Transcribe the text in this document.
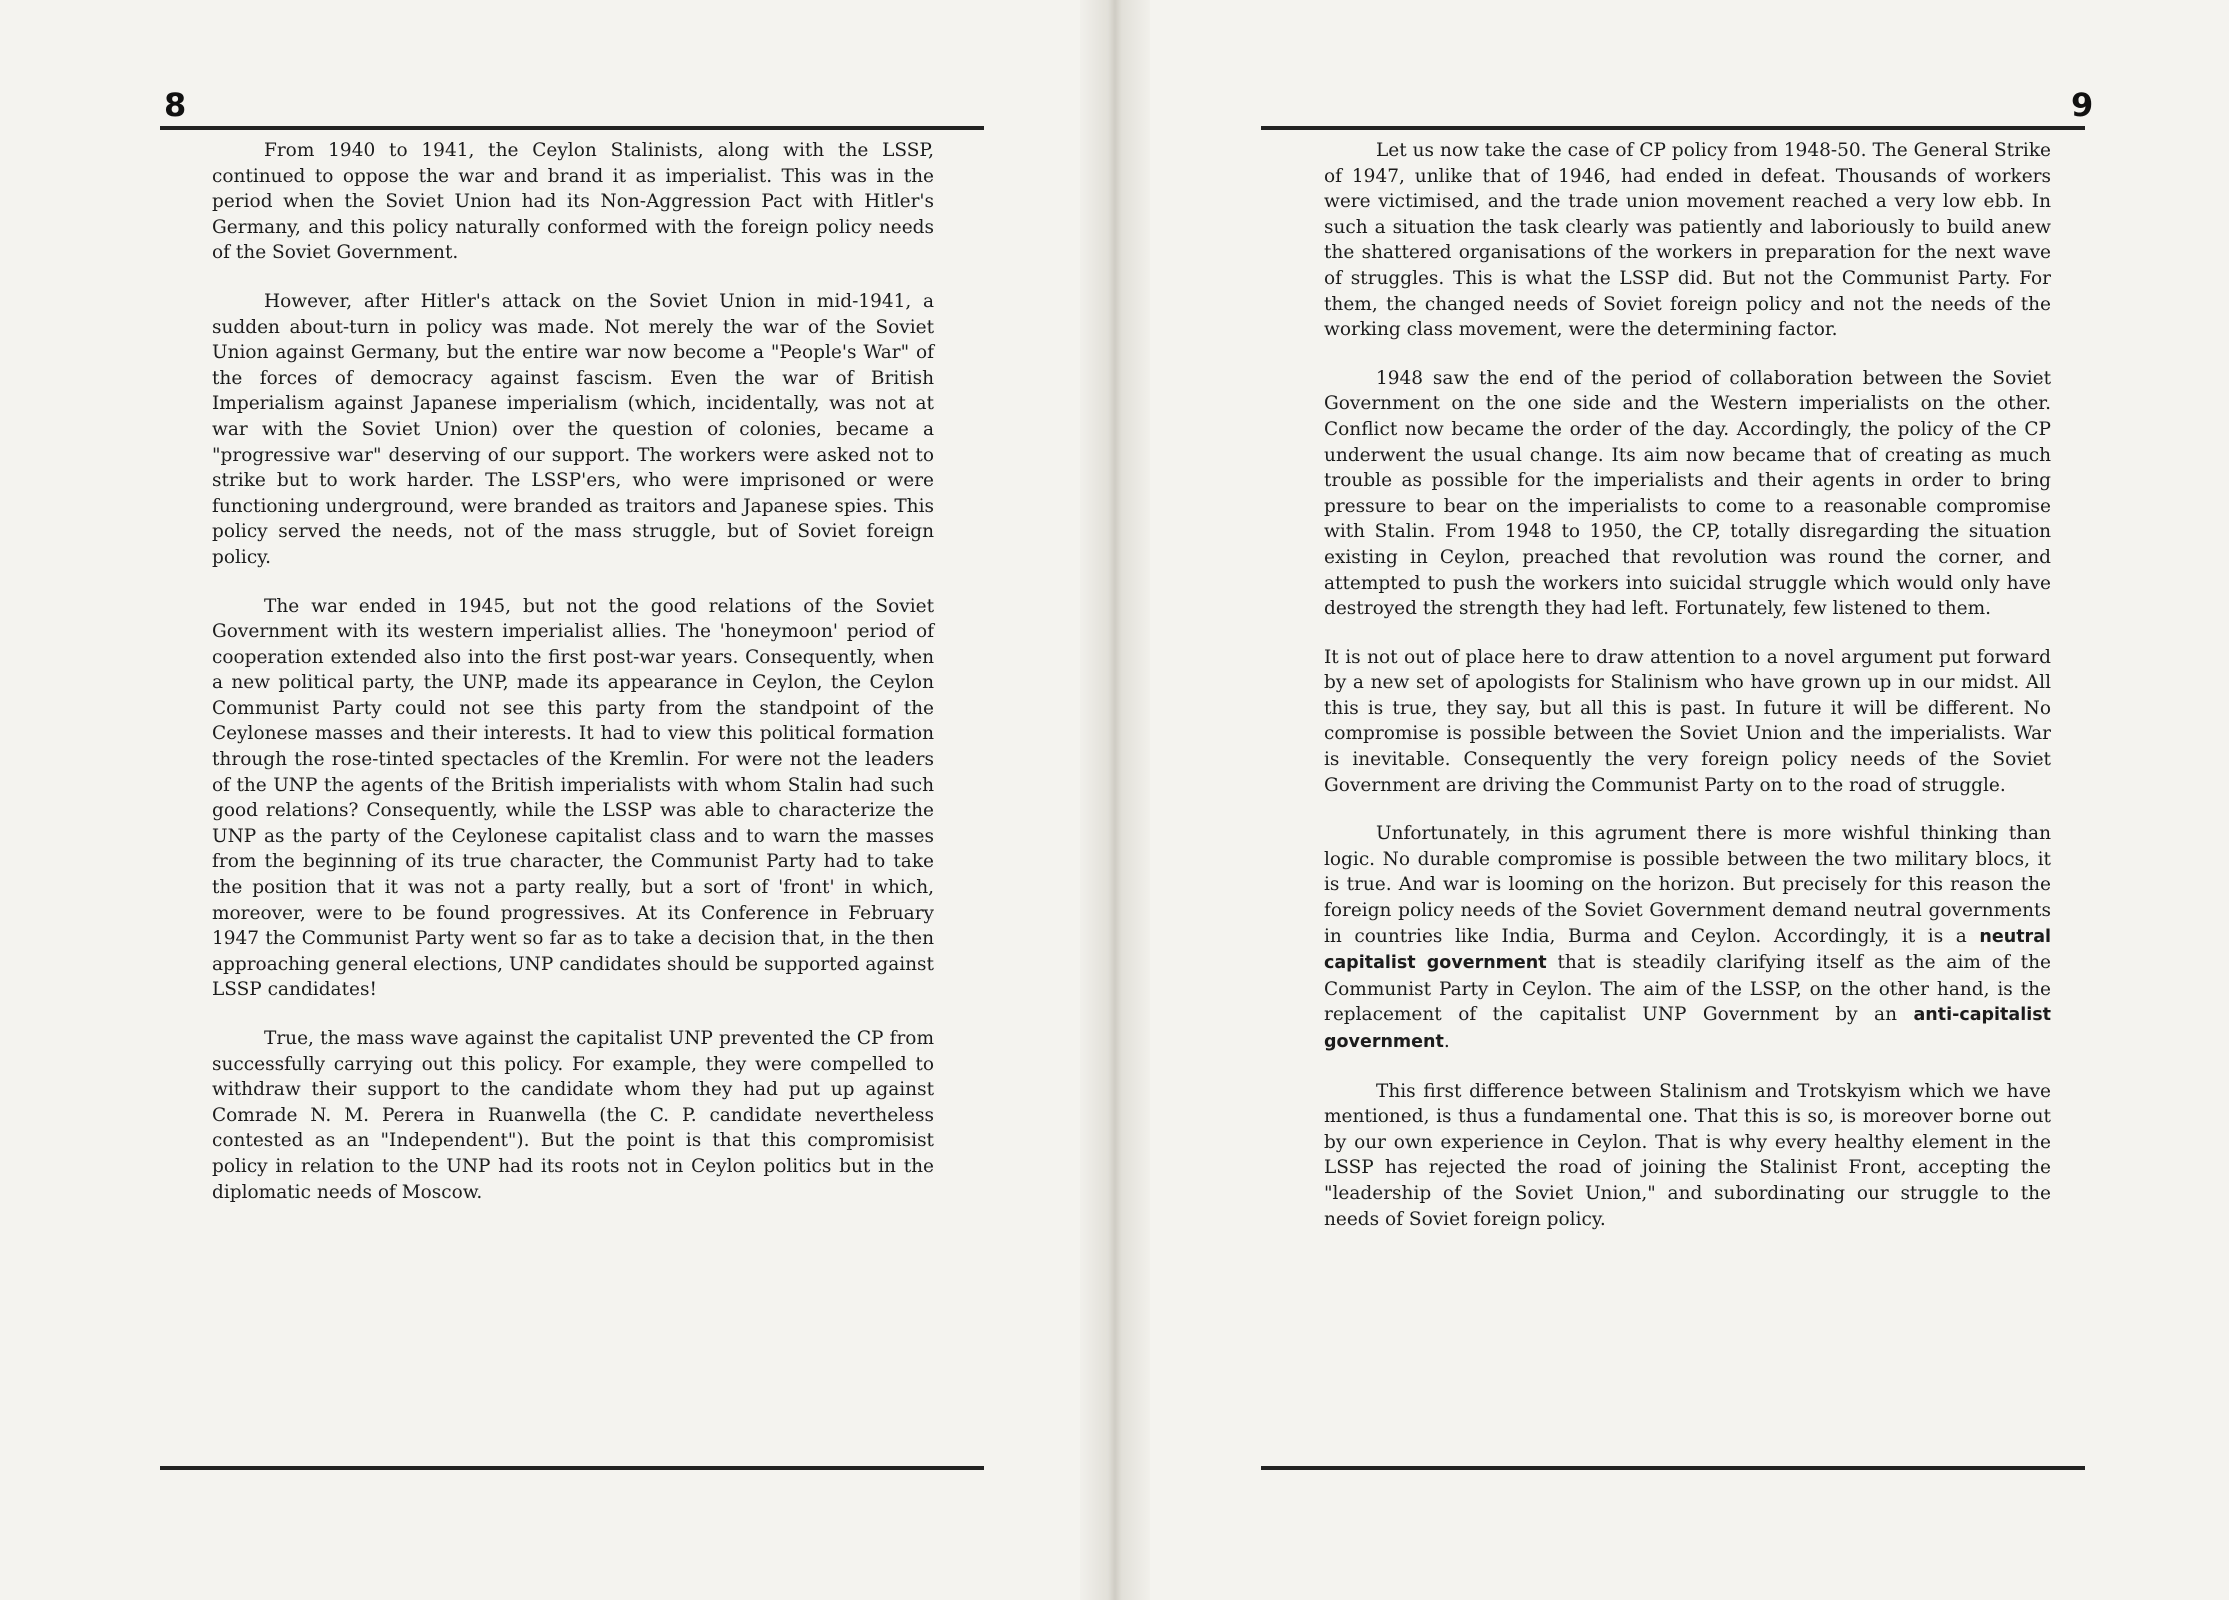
8

From 1940 to 1941, the Ceylon Stalinists, along with the LSSP, continued to oppose the war and brand it as imperialist. This was in the period when the Soviet Union had its Non-Aggression Pact with Hitler's Germany, and this policy naturally conformed with the foreign policy needs of the Soviet Government.

However, after Hitler's attack on the Soviet Union in mid-1941, a sudden about-turn in policy was made. Not merely the war of the Soviet Union against Germany, but the entire war now become a "People's War" of the forces of democracy against fascism. Even the war of British Imperialism against Japanese imperialism (which, incidentally, was not at war with the Soviet Union) over the question of colonies, became a "progressive war" deserving of our support. The workers were asked not to strike but to work harder. The LSSP'ers, who were imprisoned or were functioning underground, were branded as traitors and Japanese spies. This policy served the needs, not of the mass struggle, but of Soviet foreign policy.

The war ended in 1945, but not the good relations of the Soviet Government with its western imperialist allies. The 'honeymoon' period of cooperation extended also into the first post-war years. Consequently, when a new political party, the UNP, made its appearance in Ceylon, the Ceylon Communist Party could not see this party from the standpoint of the Ceylonese masses and their interests. It had to view this political formation through the rose-tinted spectacles of the Kremlin. For were not the leaders of the UNP the agents of the British imperialists with whom Stalin had such good relations? Consequently, while the LSSP was able to characterize the UNP as the party of the Ceylonese capitalist class and to warn the masses from the beginning of its true character, the Communist Party had to take the position that it was not a party really, but a sort of 'front' in which, moreover, were to be found progressives. At its Conference in February 1947 the Communist Party went so far as to take a decision that, in the then approaching general elections, UNP candidates should be supported against LSSP candidates!

True, the mass wave against the capitalist UNP prevented the CP from successfully carrying out this policy. For example, they were compelled to withdraw their support to the candidate whom they had put up against Comrade N. M. Perera in Ruanwella (the C. P. candidate nevertheless contested as an "Independent"). But the point is that this compromisist policy in relation to the UNP had its roots not in Ceylon politics but in the diplomatic needs of Moscow.

9

Let us now take the case of CP policy from 1948-50. The General Strike of 1947, unlike that of 1946, had ended in defeat. Thousands of workers were victimised, and the trade union movement reached a very low ebb. In such a situation the task clearly was patiently and laboriously to build anew the shattered organisations of the workers in preparation for the next wave of struggles. This is what the LSSP did. But not the Communist Party. For them, the changed needs of Soviet foreign policy and not the needs of the working class movement, were the determining factor.

1948 saw the end of the period of collaboration between the Soviet Government on the one side and the Western imperialists on the other. Conflict now became the order of the day. Accordingly, the policy of the CP underwent the usual change. Its aim now became that of creating as much trouble as possible for the imperialists and their agents in order to bring pressure to bear on the imperialists to come to a reasonable compromise with Stalin. From 1948 to 1950, the CP, totally disregarding the situation existing in Ceylon, preached that revolution was round the corner, and attempted to push the workers into suicidal struggle which would only have destroyed the strength they had left. Fortunately, few listened to them.

It is not out of place here to draw attention to a novel argument put forward by a new set of apologists for Stalinism who have grown up in our midst. All this is true, they say, but all this is past. In future it will be different. No compromise is possible between the Soviet Union and the imperialists. War is inevitable. Consequently the very foreign policy needs of the Soviet Government are driving the Communist Party on to the road of struggle.

Unfortunately, in this agrument there is more wishful thinking than logic. No durable compromise is possible between the two military blocs, it is true. And war is looming on the horizon. But precisely for this reason the foreign policy needs of the Soviet Government demand neutral governments in countries like India, Burma and Ceylon. Accordingly, it is a neutral capitalist government that is steadily clarifying itself as the aim of the Communist Party in Ceylon. The aim of the LSSP, on the other hand, is the replacement of the capitalist UNP Government by an anti-capitalist government.

This first difference between Stalinism and Trotskyism which we have mentioned, is thus a fundamental one. That this is so, is moreover borne out by our own experience in Ceylon. That is why every healthy element in the LSSP has rejected the road of joining the Stalinist Front, accepting the "leadership of the Soviet Union," and subordinating our struggle to the needs of Soviet foreign policy.
